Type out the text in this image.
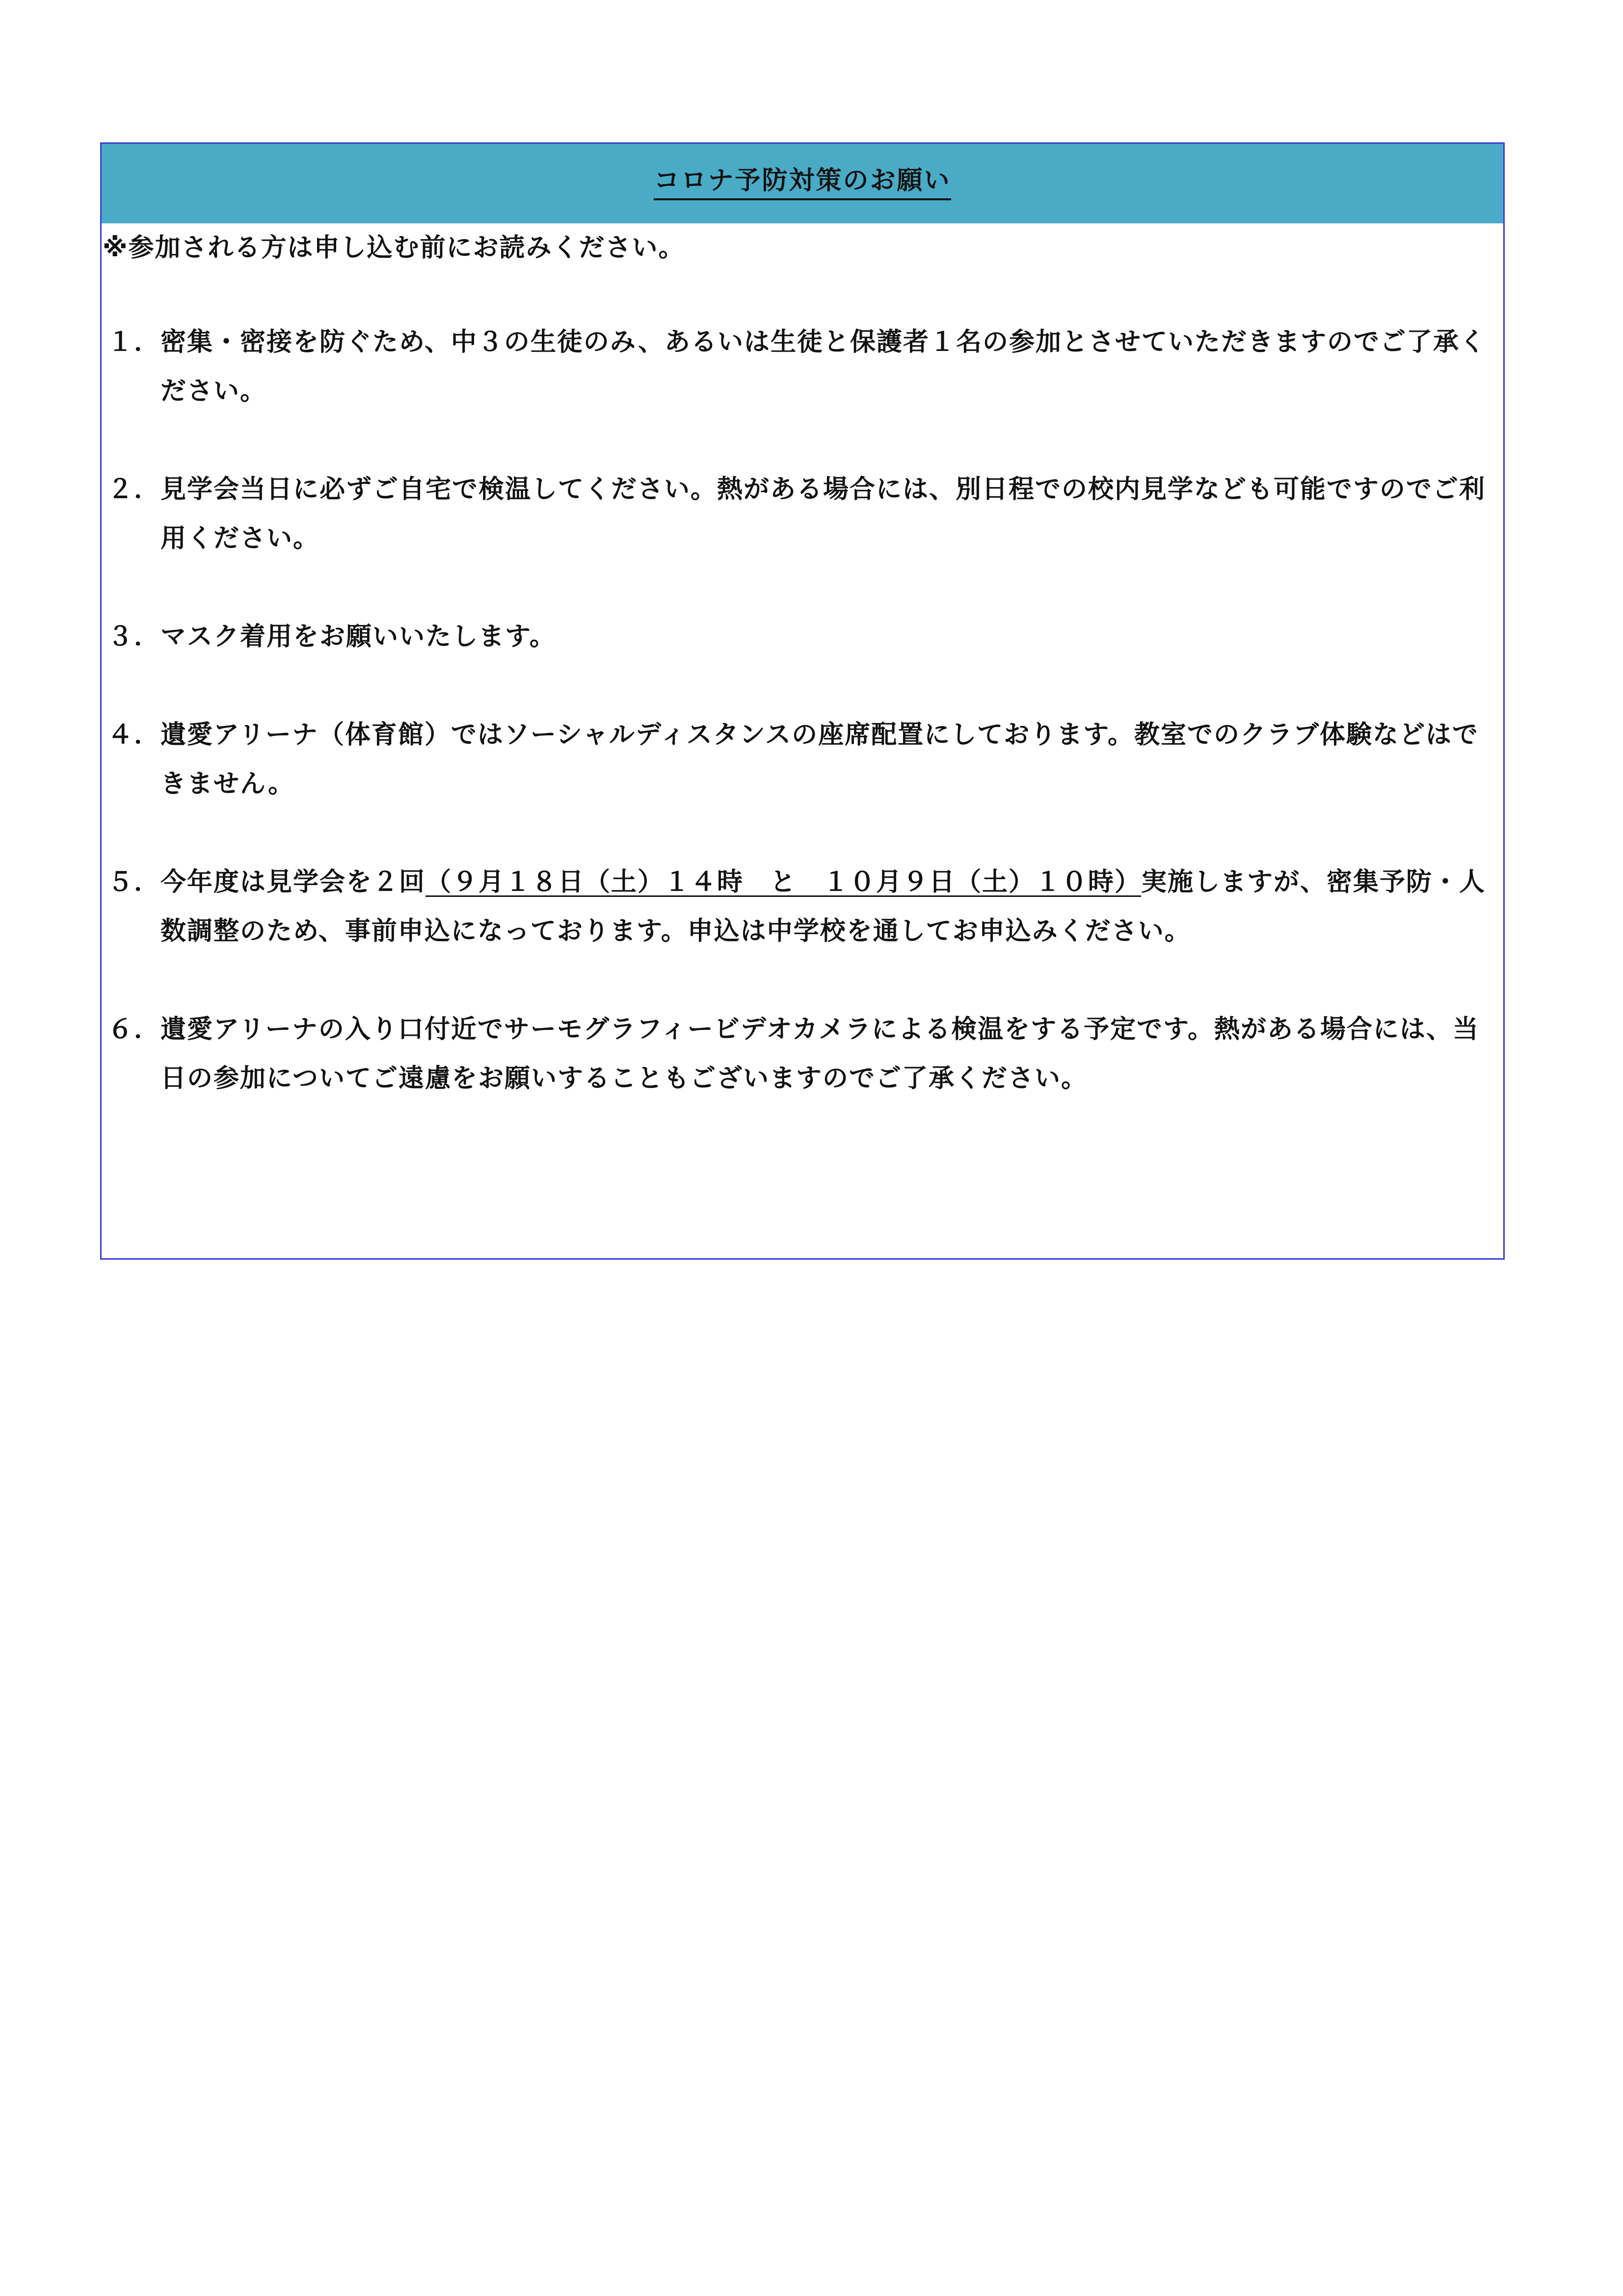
コロナ予防対策のお願い

※参加される方は申し込む前にお読みください。

１． 密集・密接を防ぐため、中３の生徒のみ、あるいは生徒と保護者１名の参加とさせていただきますのでご了承ください。
２． 見学会当日に必ずご自宅で検温してください。熱がある場合には、別日程での校内見学なども可能ですのでご利用ください。
３． マスク着用をお願いいたします。
４． 遺愛アリーナ（体育館）ではソーシャルディスタンスの座席配置にしております。教室でのクラブ体験などはできません。
５． 今年度は見学会を２回（９月１８日（土）１４時　と　１０月９日（土）１０時）実施しますが、密集予防・人数調整のため、事前申込になっております。申込は中学校を通してお申込みください。
６． 遺愛アリーナの入り口付近でサーモグラフィービデオカメラによる検温をする予定です。熱がある場合には、当日の参加についてご遠慮をお願いすることもございますのでご了承ください。
